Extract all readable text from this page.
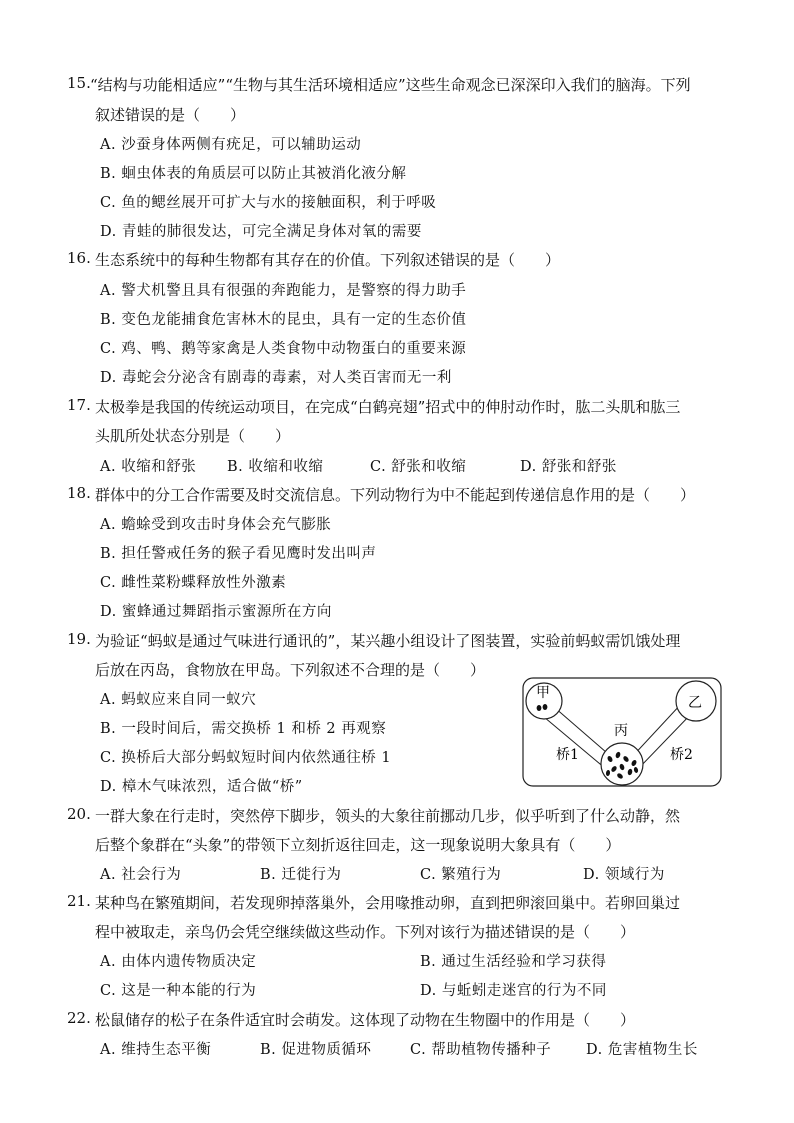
15. “结构与功能相适应”“生物与其生活环境相适应”这些生命观念已深深印入我们的脑海。下列
叙述错误的是（　　）
A. 沙蚕身体两侧有疣足，可以辅助运动
B. 蛔虫体表的角质层可以防止其被消化液分解
C. 鱼的鳃丝展开可扩大与水的接触面积，利于呼吸
D. 青蛙的肺很发达，可完全满足身体对氧的需要
16. 生态系统中的每种生物都有其存在的价值。下列叙述错误的是（　　）
A. 警犬机警且具有很强的奔跑能力，是警察的得力助手
B. 变色龙能捕食危害林木的昆虫，具有一定的生态价值
C. 鸡、鸭、鹅等家禽是人类食物中动物蛋白的重要来源
D. 毒蛇会分泌含有剧毒的毒素，对人类百害而无一利
17. 太极拳是我国的传统运动项目，在完成“白鹤亮翅”招式中的伸肘动作时，肱二头肌和肱三
头肌所处状态分别是（　　）
A. 收缩和舒张 B. 收缩和收缩	C. 舒张和收缩	D. 舒张和舒张
18. 群体中的分工合作需要及时交流信息。下列动物行为中不能起到传递信息作用的是（　　）
A. 蟾蜍受到攻击时身体会充气膨胀
B. 担任警戒任务的猴子看见鹰时发出叫声
C. 雌性菜粉蝶释放性外激素
D. 蜜蜂通过舞蹈指示蜜源所在方向
19. 为验证“蚂蚁是通过气味进行通讯的”，某兴趣小组设计了图装置，实验前蚂蚁需饥饿处理
后放在丙岛，食物放在甲岛。下列叙述不合理的是（　　）
A. 蚂蚁应来自同一蚁穴
B. 一段时间后，需交换桥 1 和桥 2 再观察
C. 换桥后大部分蚂蚁短时间内依然通往桥 1
D. 樟木气味浓烈，适合做“桥”
甲
乙
丙
桥1	桥2
20. 一群大象在行走时，突然停下脚步，领头的大象往前挪动几步，似乎听到了什么动静，然
后整个象群在“头象”的带领下立刻折返往回走，这一现象说明大象具有（　　）
A. 社会行为	B. 迁徙行为	C. 繁殖行为	D. 领域行为
21. 某种鸟在繁殖期间，若发现卵掉落巢外，会用喙推动卵，直到把卵滚回巢中。若卵回巢过
程中被取走，亲鸟仍会凭空继续做这些动作。下列对该行为描述错误的是（　　）
A. 由体内遗传物质决定	B. 通过生活经验和学习获得
C. 这是一种本能的行为	D. 与蚯蚓走迷宫的行为不同
22. 松鼠储存的松子在条件适宜时会萌发。这体现了动物在生物圈中的作用是（　　）
A. 维持生态平衡	B. 促进物质循环	C. 帮助植物传播种子 D. 危害植物生长
